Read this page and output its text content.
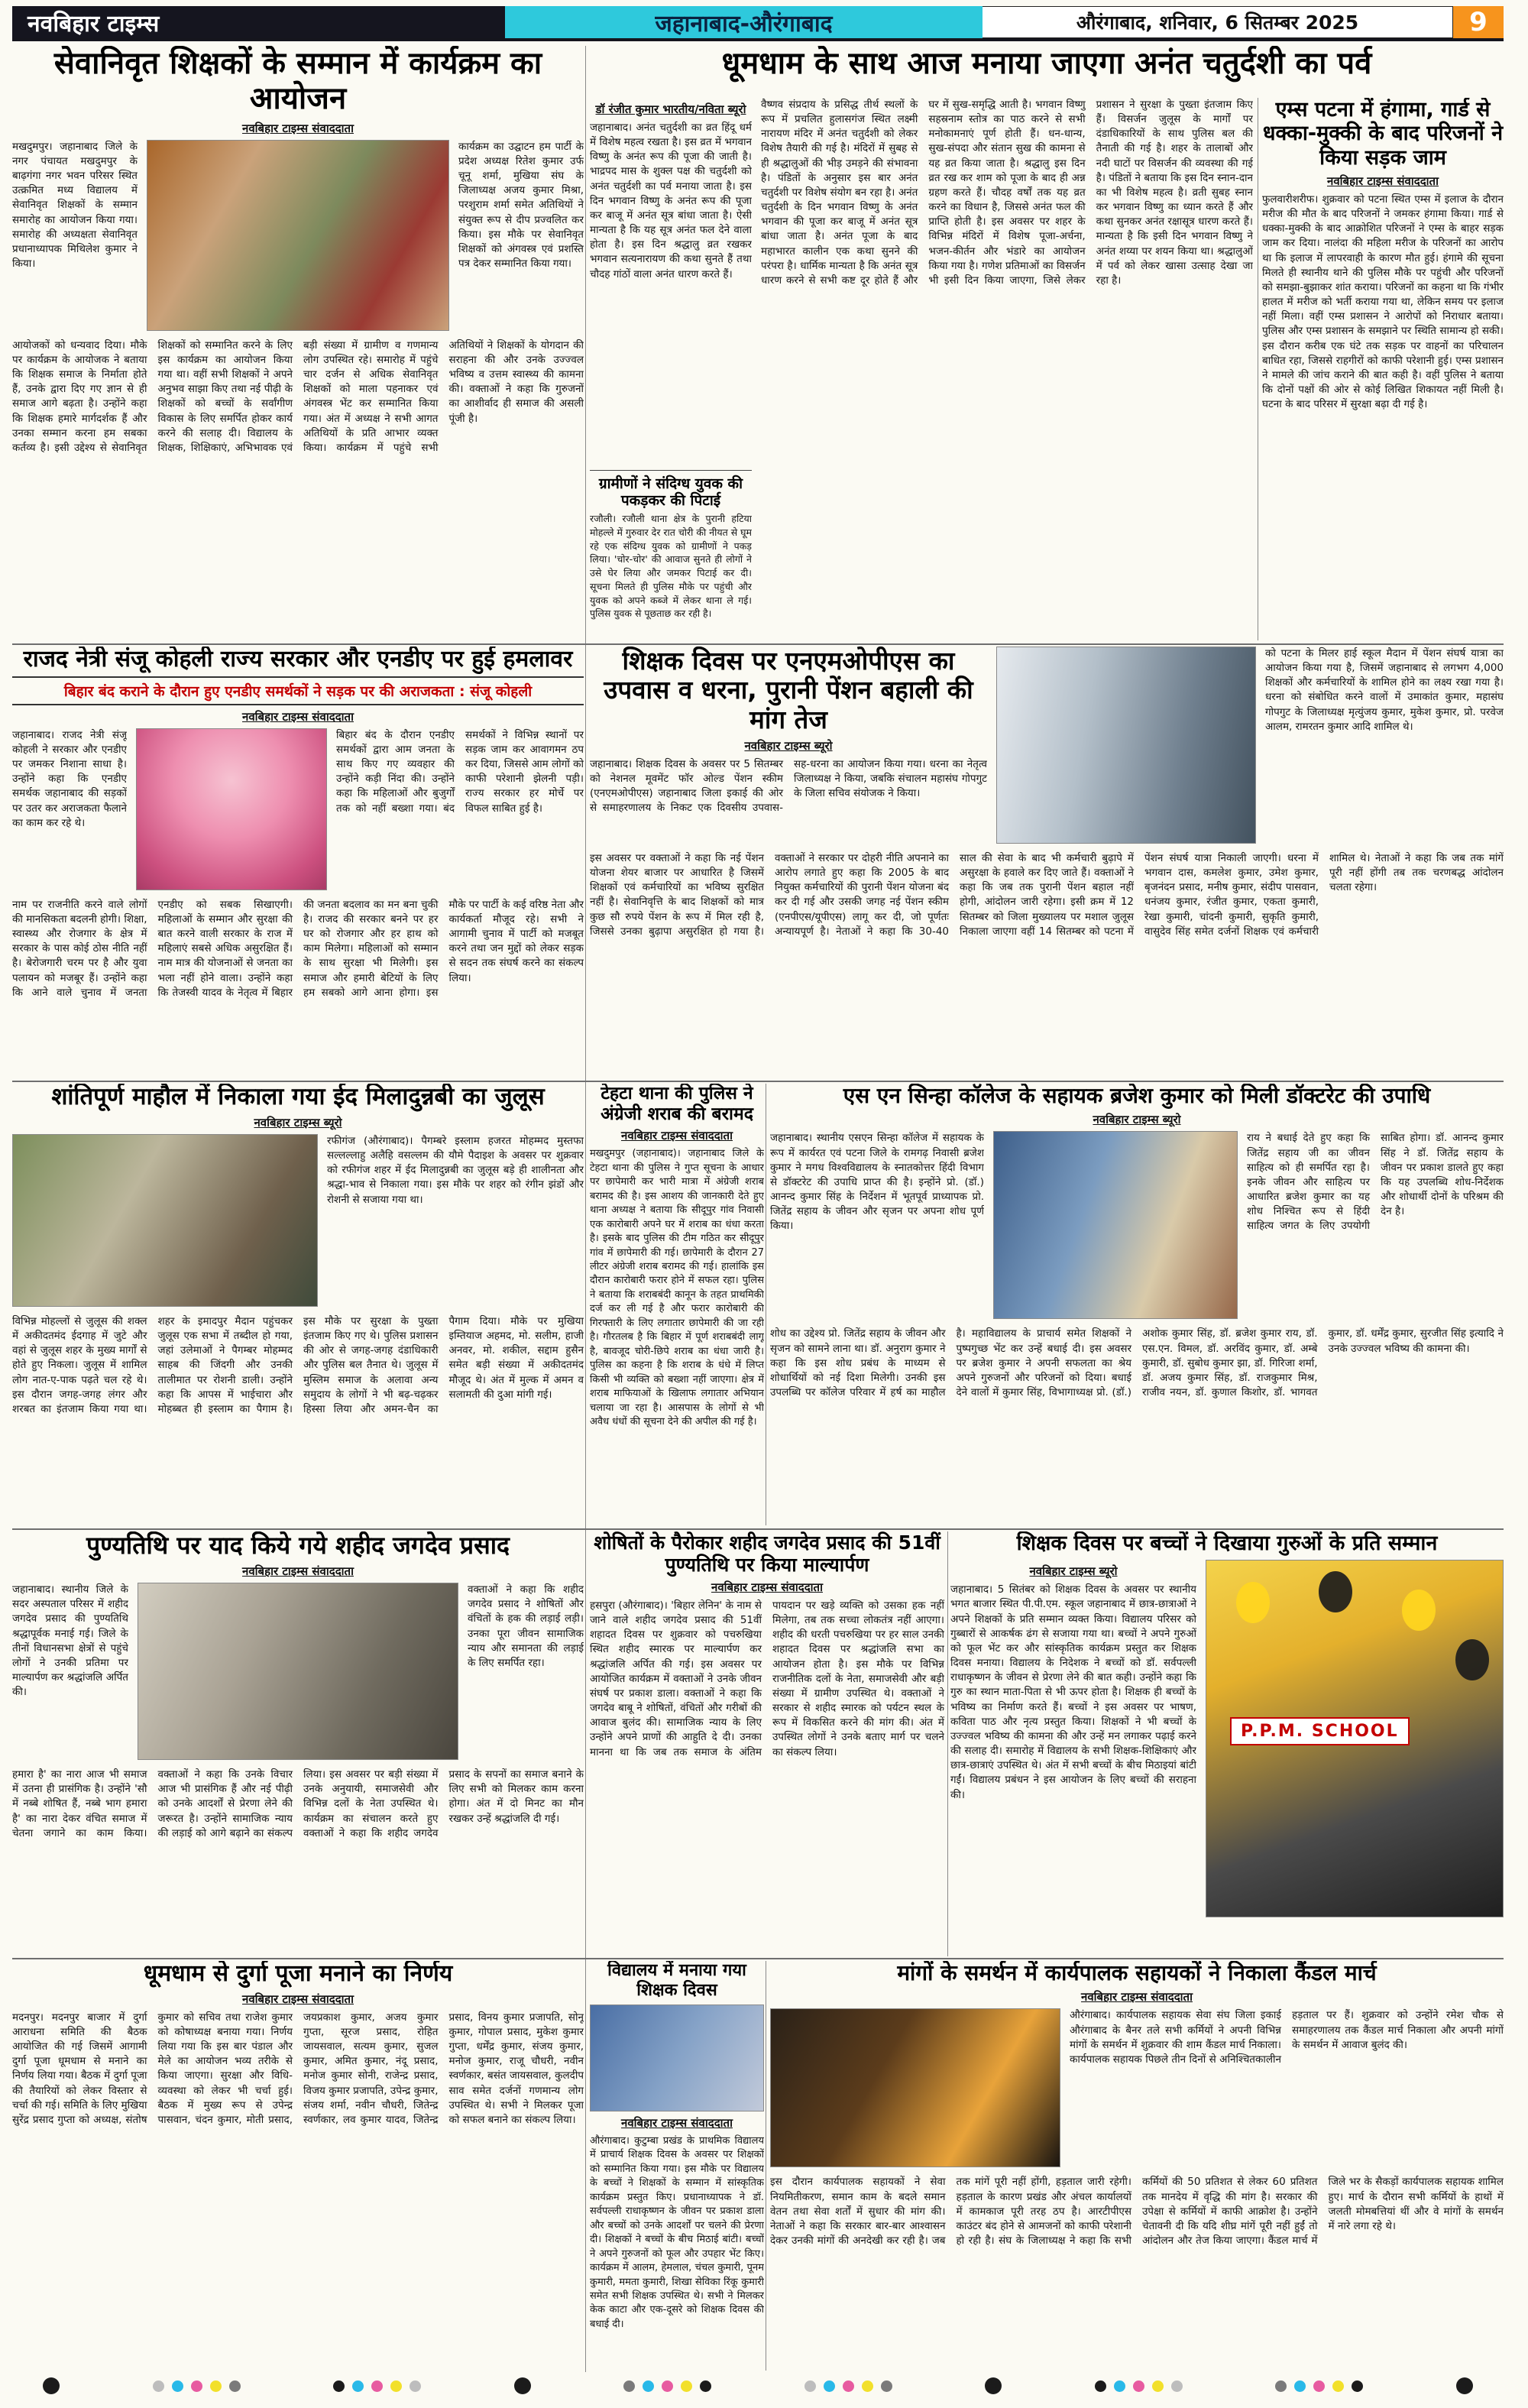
नवबिहार टाइम्स	जहानाबाद-औरंगाबाद	औरंगाबाद, शनिवार, 6 सितम्बर 2025	9
सेवानिवृत शिक्षकों के सम्मान में कार्यक्रम का आयोजन
नवबिहार टाइम्स संवाददाता
मखदुमपुर। जहानाबाद जिले के नगर पंचायत मखदुमपुर के बाढ़गंगा नगर भवन परिसर स्थित उत्क्रमित मध्य विद्यालय में सेवानिवृत शिक्षकों के सम्मान समारोह का आयोजन किया गया। समारोह की अध्यक्षता सेवानिवृत प्रधानाध्यापक मिथिलेश कुमार ने किया।
कार्यक्रम का उद्घाटन हम पार्टी के प्रदेश अध्यक्ष रितेश कुमार उर्फ चूनू शर्मा, मुखिया संघ के जिलाध्यक्ष अजय कुमार मिश्रा, परशुराम शर्मा समेत अतिथियों ने संयुक्त रूप से दीप प्रज्वलित कर किया। इस मौके पर सेवानिवृत शिक्षकों को अंगवस्त्र एवं प्रशस्ति पत्र देकर सम्मानित किया गया।
आयोजकों को धन्यवाद दिया। मौके पर कार्यक्रम के आयोजक ने बताया कि शिक्षक समाज के निर्माता होते हैं, उनके द्वारा दिए गए ज्ञान से ही समाज आगे बढ़ता है। उन्होंने कहा कि शिक्षक हमारे मार्गदर्शक हैं और उनका सम्मान करना हम सबका कर्तव्य है। इसी उद्देश्य से सेवानिवृत शिक्षकों को सम्मानित करने के लिए इस कार्यक्रम का आयोजन किया गया था। वहीं सभी शिक्षकों ने अपने अनुभव साझा किए तथा नई पीढ़ी के शिक्षकों को बच्चों के सर्वांगीण विकास के लिए समर्पित होकर कार्य करने की सलाह दी। विद्यालय के शिक्षक, शिक्षिकाएं, अभिभावक एवं बड़ी संख्या में ग्रामीण व गणमान्य लोग उपस्थित रहे। समारोह में पहुंचे चार दर्जन से अधिक सेवानिवृत शिक्षकों को माला पहनाकर एवं अंगवस्त्र भेंट कर सम्मानित किया गया। अंत में अध्यक्ष ने सभी आगत अतिथियों के प्रति आभार व्यक्त किया। कार्यक्रम में पहुंचे सभी अतिथियों ने शिक्षकों के योगदान की सराहना की और उनके उज्ज्वल भविष्य व उत्तम स्वास्थ्य की कामना की। वक्ताओं ने कहा कि गुरुजनों का आशीर्वाद ही समाज की असली पूंजी है।
धूमधाम के साथ आज मनाया जाएगा अनंत चतुर्दशी का पर्व
डॉ रंजीत कुमार भारतीय/नविता ब्यूरो
जहानाबाद। अनंत चतुर्दशी का व्रत हिंदू धर्म में विशेष महत्व रखता है। इस व्रत में भगवान विष्णु के अनंत रूप की पूजा की जाती है। भाद्रपद मास के शुक्ल पक्ष की चतुर्दशी को अनंत चतुर्दशी का पर्व मनाया जाता है। इस दिन भगवान विष्णु के अनंत रूप की पूजा कर बाजू में अनंत सूत्र बांधा जाता है। ऐसी मान्यता है कि यह सूत्र अनंत फल देने वाला होता है। इस दिन श्रद्धालु व्रत रखकर भगवान सत्यनारायण की कथा सुनते हैं तथा चौदह गांठों वाला अनंत धारण करते हैं।
ग्रामीणों ने संदिग्ध युवक की पकड़कर की पिटाई
रजौली। रजौली थाना क्षेत्र के पुरानी हटिया मोहल्ले में गुरुवार देर रात चोरी की नीयत से घूम रहे एक संदिग्ध युवक को ग्रामीणों ने पकड़ लिया। 'चोर-चोर' की आवाज सुनते ही लोगों ने उसे घेर लिया और जमकर पिटाई कर दी। सूचना मिलते ही पुलिस मौके पर पहुंची और युवक को अपने कब्जे में लेकर थाना ले गई। पुलिस युवक से पूछताछ कर रही है।
वैष्णव संप्रदाय के प्रसिद्ध तीर्थ स्थलों के रूप में प्रचलित हुलासगंज स्थित लक्ष्मी नारायण मंदिर में अनंत चतुर्दशी को लेकर विशेष तैयारी की गई है। मंदिरों में सुबह से ही श्रद्धालुओं की भीड़ उमड़ने की संभावना है। पंडितों के अनुसार इस बार अनंत चतुर्दशी पर विशेष संयोग बन रहा है। अनंत चतुर्दशी के दिन भगवान विष्णु के अनंत भगवान की पूजा कर बाजू में अनंत सूत्र बांधा जाता है। अनंत पूजा के बाद महाभारत कालीन एक कथा सुनने की परंपरा है। धार्मिक मान्यता है कि अनंत सूत्र धारण करने से सभी कष्ट दूर होते हैं और घर में सुख-समृद्धि आती है। भगवान विष्णु सहस्रनाम स्तोत्र का पाठ करने से सभी मनोकामनाएं पूर्ण होती हैं। धन-धान्य, सुख-संपदा और संतान सुख की कामना से यह व्रत किया जाता है। श्रद्धालु इस दिन व्रत रख कर शाम को पूजा के बाद ही अन्न ग्रहण करते हैं। चौदह वर्षों तक यह व्रत करने का विधान है, जिससे अनंत फल की प्राप्ति होती है। इस अवसर पर शहर के विभिन्न मंदिरों में विशेष पूजा-अर्चना, भजन-कीर्तन और भंडारे का आयोजन किया गया है। गणेश प्रतिमाओं का विसर्जन भी इसी दिन किया जाएगा, जिसे लेकर प्रशासन ने सुरक्षा के पुख्ता इंतजाम किए हैं। विसर्जन जुलूस के मार्गों पर दंडाधिकारियों के साथ पुलिस बल की तैनाती की गई है। शहर के तालाबों और नदी घाटों पर विसर्जन की व्यवस्था की गई है। पंडितों ने बताया कि इस दिन स्नान-दान का भी विशेष महत्व है। व्रती सुबह स्नान कर भगवान विष्णु का ध्यान करते हैं और कथा सुनकर अनंत रक्षासूत्र धारण करते हैं। मान्यता है कि इसी दिन भगवान विष्णु ने अनंत शय्या पर शयन किया था। श्रद्धालुओं में पर्व को लेकर खासा उत्साह देखा जा रहा है।
एम्स पटना में हंगामा, गार्ड से धक्का-मुक्की के बाद परिजनों ने किया सड़क जाम
नवबिहार टाइम्स संवाददाता
फुलवारीशरीफ। शुक्रवार को पटना स्थित एम्स में इलाज के दौरान मरीज की मौत के बाद परिजनों ने जमकर हंगामा किया। गार्ड से धक्का-मुक्की के बाद आक्रोशित परिजनों ने एम्स के बाहर सड़क जाम कर दिया। नालंदा की महिला मरीज के परिजनों का आरोप था कि इलाज में लापरवाही के कारण मौत हुई। हंगामे की सूचना मिलते ही स्थानीय थाने की पुलिस मौके पर पहुंची और परिजनों को समझा-बुझाकर शांत कराया। परिजनों का कहना था कि गंभीर हालत में मरीज को भर्ती कराया गया था, लेकिन समय पर इलाज नहीं मिला। वहीं एम्स प्रशासन ने आरोपों को निराधार बताया। पुलिस और एम्स प्रशासन के समझाने पर स्थिति सामान्य हो सकी। इस दौरान करीब एक घंटे तक सड़क पर वाहनों का परिचालन बाधित रहा, जिससे राहगीरों को काफी परेशानी हुई। एम्स प्रशासन ने मामले की जांच कराने की बात कही है। वहीं पुलिस ने बताया कि दोनों पक्षों की ओर से कोई लिखित शिकायत नहीं मिली है। घटना के बाद परिसर में सुरक्षा बढ़ा दी गई है।
राजद नेत्री संजू कोहली राज्य सरकार और एनडीए पर हुई हमलावर
बिहार बंद कराने के दौरान हुए एनडीए समर्थकों ने सड़क पर की अराजकता : संजू कोहली
नवबिहार टाइम्स संवाददाता
जहानाबाद। राजद नेत्री संजू कोहली ने सरकार और एनडीए पर जमकर निशाना साधा है। उन्होंने कहा कि एनडीए समर्थक जहानाबाद की सड़कों पर उतर कर अराजकता फैलाने का काम कर रहे थे।
बिहार बंद के दौरान एनडीए समर्थकों द्वारा आम जनता के साथ किए गए व्यवहार की उन्होंने कड़ी निंदा की। उन्होंने कहा कि महिलाओं और बुजुर्गों तक को नहीं बख्शा गया। बंद समर्थकों ने विभिन्न स्थानों पर सड़क जाम कर आवागमन ठप कर दिया, जिससे आम लोगों को काफी परेशानी झेलनी पड़ी। राज्य सरकार हर मोर्चे पर विफल साबित हुई है।
नाम पर राजनीति करने वाले लोगों की मानसिकता बदलनी होगी। शिक्षा, स्वास्थ्य और रोजगार के क्षेत्र में सरकार के पास कोई ठोस नीति नहीं है। बेरोजगारी चरम पर है और युवा पलायन को मजबूर हैं। उन्होंने कहा कि आने वाले चुनाव में जनता एनडीए को सबक सिखाएगी। महिलाओं के सम्मान और सुरक्षा की बात करने वाली सरकार के राज में महिलाएं सबसे अधिक असुरक्षित हैं। नाम मात्र की योजनाओं से जनता का भला नहीं होने वाला। उन्होंने कहा कि तेजस्वी यादव के नेतृत्व में बिहार की जनता बदलाव का मन बना चुकी है। राजद की सरकार बनने पर हर घर को रोजगार और हर हाथ को काम मिलेगा। महिलाओं को सम्मान के साथ सुरक्षा भी मिलेगी। इस समाज और हमारी बेटियों के लिए हम सबको आगे आना होगा। इस मौके पर पार्टी के कई वरिष्ठ नेता और कार्यकर्ता मौजूद रहे। सभी ने आगामी चुनाव में पार्टी को मजबूत करने तथा जन मुद्दों को लेकर सड़क से सदन तक संघर्ष करने का संकल्प लिया।
शिक्षक दिवस पर एनएमओपीएस का उपवास व धरना, पुरानी पेंशन बहाली की मांग तेज
नवबिहार टाइम्स ब्यूरो
जहानाबाद। शिक्षक दिवस के अवसर पर 5 सितम्बर को नेशनल मूवमेंट फॉर ओल्ड पेंशन स्कीम (एनएमओपीएस) जहानाबाद जिला इकाई की ओर से समाहरणालय के निकट एक दिवसीय उपवास-सह-धरना का आयोजन किया गया। धरना का नेतृत्व जिलाध्यक्ष ने किया, जबकि संचालन महासंघ गोपगुट के जिला सचिव संयोजक ने किया।
को पटना के मिलर हाई स्कूल मैदान में पेंशन संघर्ष यात्रा का आयोजन किया गया है, जिसमें जहानाबाद से लगभग 4,000 शिक्षकों और कर्मचारियों के शामिल होने का लक्ष्य रखा गया है। धरना को संबोधित करने वालों में उमाकांत कुमार, महासंघ गोपगुट के जिलाध्यक्ष मृत्युंजय कुमार, मुकेश कुमार, प्रो. परवेज आलम, रामरतन कुमार आदि शामिल थे।
इस अवसर पर वक्ताओं ने कहा कि नई पेंशन योजना शेयर बाजार पर आधारित है जिसमें शिक्षकों एवं कर्मचारियों का भविष्य सुरक्षित नहीं है। सेवानिवृत्ति के बाद शिक्षकों को मात्र कुछ सौ रुपये पेंशन के रूप में मिल रही है, जिससे उनका बुढ़ापा असुरक्षित हो गया है। वक्ताओं ने सरकार पर दोहरी नीति अपनाने का आरोप लगाते हुए कहा कि 2005 के बाद नियुक्त कर्मचारियों की पुरानी पेंशन योजना बंद कर दी गई और उसकी जगह नई पेंशन स्कीम (एनपीएस/यूपीएस) लागू कर दी, जो पूर्णतः अन्यायपूर्ण है। नेताओं ने कहा कि 30-40 साल की सेवा के बाद भी कर्मचारी बुढ़ापे में असुरक्षा के हवाले कर दिए जाते हैं। वक्ताओं ने कहा कि जब तक पुरानी पेंशन बहाल नहीं होगी, आंदोलन जारी रहेगा। इसी क्रम में 12 सितम्बर को जिला मुख्यालय पर मशाल जुलूस निकाला जाएगा वहीं 14 सितम्बर को पटना में पेंशन संघर्ष यात्रा निकाली जाएगी। धरना में भगवान दास, कमलेश कुमार, उमेश कुमार, बृजनंदन प्रसाद, मनीष कुमार, संदीप पासवान, धनंजय कुमार, रंजीत कुमार, एकता कुमारी, रेखा कुमारी, चांदनी कुमारी, सुकृति कुमारी, वासुदेव सिंह समेत दर्जनों शिक्षक एवं कर्मचारी शामिल थे। नेताओं ने कहा कि जब तक मांगें पूरी नहीं होंगी तब तक चरणबद्ध आंदोलन चलता रहेगा।
शांतिपूर्ण माहौल में निकाला गया ईद मिलादुन्नबी का जुलूस
नवबिहार टाइम्स ब्यूरो
रफीगंज (औरंगाबाद)। पैगम्बरे इस्लाम हजरत मोहम्मद मुस्तफा सल्लल्लाहु अलैहि वसल्लम की यौमे पैदाइश के अवसर पर शुक्रवार को रफीगंज शहर में ईद मिलादुन्नबी का जुलूस बड़े ही शालीनता और श्रद्धा-भाव से निकाला गया। इस मौके पर शहर को रंगीन झंडों और रोशनी से सजाया गया था।
विभिन्न मोहल्लों से जुलूस की शक्ल में अकीदतमंद ईदगाह में जुटे और वहां से जुलूस शहर के मुख्य मार्गों से होते हुए निकला। जुलूस में शामिल लोग नात-ए-पाक पढ़ते चल रहे थे। इस दौरान जगह-जगह लंगर और शरबत का इंतजाम किया गया था। शहर के इमादपुर मैदान पहुंचकर जुलूस एक सभा में तब्दील हो गया, जहां उलेमाओं ने पैगम्बर मोहम्मद साहब की जिंदगी और उनकी तालीमात पर रोशनी डाली। उन्होंने कहा कि आपस में भाईचारा और मोहब्बत ही इस्लाम का पैगाम है। इस मौके पर सुरक्षा के पुख्ता इंतजाम किए गए थे। पुलिस प्रशासन की ओर से जगह-जगह दंडाधिकारी और पुलिस बल तैनात थे। जुलूस में मुस्लिम समाज के अलावा अन्य समुदाय के लोगों ने भी बढ़-चढ़कर हिस्सा लिया और अमन-चैन का पैगाम दिया। मौके पर मुखिया इम्तियाज अहमद, मो. सलीम, हाजी अनवर, मो. शकील, सद्दाम हुसैन समेत बड़ी संख्या में अकीदतमंद मौजूद थे। अंत में मुल्क में अमन व सलामती की दुआ मांगी गई।
टेहटा थाना की पुलिस ने अंग्रेजी शराब की बरामद
नवबिहार टाइम्स संवाददाता
मखदुमपुर (जहानाबाद)। जहानाबाद जिले के टेहटा थाना की पुलिस ने गुप्त सूचना के आधार पर छापेमारी कर भारी मात्रा में अंग्रेजी शराब बरामद की है। इस आशय की जानकारी देते हुए थाना अध्यक्ष ने बताया कि सीदूपुर गांव निवासी एक कारोबारी अपने घर में शराब का धंधा करता है। इसके बाद पुलिस की टीम गठित कर सीदूपुर गांव में छापेमारी की गई। छापेमारी के दौरान 27 लीटर अंग्रेजी शराब बरामद की गई। हालांकि इस दौरान कारोबारी फरार होने में सफल रहा। पुलिस ने बताया कि शराबबंदी कानून के तहत प्राथमिकी दर्ज कर ली गई है और फरार कारोबारी की गिरफ्तारी के लिए लगातार छापेमारी की जा रही है। गौरतलब है कि बिहार में पूर्ण शराबबंदी लागू है, बावजूद चोरी-छिपे शराब का धंधा जारी है। पुलिस का कहना है कि शराब के धंधे में लिप्त किसी भी व्यक्ति को बख्शा नहीं जाएगा। क्षेत्र में शराब माफियाओं के खिलाफ लगातार अभियान चलाया जा रहा है। आसपास के लोगों से भी अवैध धंधों की सूचना देने की अपील की गई है।
एस एन सिन्हा कॉलेज के सहायक ब्रजेश कुमार को मिली डॉक्टरेट की उपाधि
नवबिहार टाइम्स ब्यूरो
जहानाबाद। स्थानीय एसएन सिन्हा कॉलेज में सहायक के रूप में कार्यरत एवं पटना जिले के रामगढ़ निवासी ब्रजेश कुमार ने मगध विश्वविद्यालय के स्नातकोत्तर हिंदी विभाग से डॉक्टरेट की उपाधि प्राप्त की है। इन्होंने प्रो. (डॉ.) आनन्द कुमार सिंह के निर्देशन में भूतपूर्व प्राध्यापक प्रो. जितेंद्र सहाय के जीवन और सृजन पर अपना शोध पूर्ण किया।
राय ने बधाई देते हुए कहा कि जितेंद्र सहाय जी का जीवन साहित्य को ही समर्पित रहा है। इनके जीवन और साहित्य पर आधारित ब्रजेश कुमार का यह शोध निश्चित रूप से हिंदी साहित्य जगत के लिए उपयोगी साबित होगा। डॉ. आनन्द कुमार सिंह ने डॉ. जितेंद्र सहाय के जीवन पर प्रकाश डालते हुए कहा कि यह उपलब्धि शोध-निर्देशक और शोधार्थी दोनों के परिश्रम की देन है।
शोध का उद्देश्य प्रो. जितेंद्र सहाय के जीवन और सृजन को सामने लाना था। डॉ. अनुराग कुमार ने कहा कि इस शोध प्रबंध के माध्यम से शोधार्थियों को नई दिशा मिलेगी। उनकी इस उपलब्धि पर कॉलेज परिवार में हर्ष का माहौल है। महाविद्यालय के प्राचार्य समेत शिक्षकों ने पुष्पगुच्छ भेंट कर उन्हें बधाई दी। इस अवसर पर ब्रजेश कुमार ने अपनी सफलता का श्रेय अपने गुरुजनों और परिजनों को दिया। बधाई देने वालों में कुमार सिंह, विभागाध्यक्ष प्रो. (डॉ.) अशोक कुमार सिंह, डॉ. ब्रजेश कुमार राय, डॉ. एस.एन. विमल, डॉ. अरविंद कुमार, डॉ. अम्बे कुमारी, डॉ. सुबोध कुमार झा, डॉ. गिरिजा शर्मा, डॉ. अजय कुमार सिंह, डॉ. राजकुमार मिश्र, राजीव नयन, डॉ. कुणाल किशोर, डॉ. भागवत कुमार, डॉ. धर्मेंद्र कुमार, सुरजीत सिंह इत्यादि ने उनके उज्ज्वल भविष्य की कामना की।
पुण्यतिथि पर याद किये गये शहीद जगदेव प्रसाद
नवबिहार टाइम्स संवाददाता
जहानाबाद। स्थानीय जिले के सदर अस्पताल परिसर में शहीद जगदेव प्रसाद की पुण्यतिथि श्रद्धापूर्वक मनाई गई। जिले के तीनों विधानसभा क्षेत्रों से पहुंचे लोगों ने उनकी प्रतिमा पर माल्यार्पण कर श्रद्धांजलि अर्पित की।
वक्ताओं ने कहा कि शहीद जगदेव प्रसाद ने शोषितों और वंचितों के हक की लड़ाई लड़ी। उनका पूरा जीवन सामाजिक न्याय और समानता की लड़ाई के लिए समर्पित रहा।
हमारा है' का नारा आज भी समाज में उतना ही प्रासंगिक है। उन्होंने 'सौ में नब्बे शोषित हैं, नब्बे भाग हमारा है' का नारा देकर वंचित समाज में चेतना जगाने का काम किया। वक्ताओं ने कहा कि उनके विचार आज भी प्रासंगिक हैं और नई पीढ़ी को उनके आदर्शों से प्रेरणा लेने की जरूरत है। उन्होंने सामाजिक न्याय की लड़ाई को आगे बढ़ाने का संकल्प लिया। इस अवसर पर बड़ी संख्या में उनके अनुयायी, समाजसेवी और विभिन्न दलों के नेता उपस्थित थे। कार्यक्रम का संचालन करते हुए वक्ताओं ने कहा कि शहीद जगदेव प्रसाद के सपनों का समाज बनाने के लिए सभी को मिलकर काम करना होगा। अंत में दो मिनट का मौन रखकर उन्हें श्रद्धांजलि दी गई।
शोषितों के पैरोकार शहीद जगदेव प्रसाद की 51वीं पुण्यतिथि पर किया माल्यार्पण
नवबिहार टाइम्स संवाददाता
हसपुरा (औरंगाबाद)। 'बिहार लेनिन' के नाम से जाने वाले शहीद जगदेव प्रसाद की 51वीं शहादत दिवस पर शुक्रवार को पचरुखिया स्थित शहीद स्मारक पर माल्यार्पण कर श्रद्धांजलि अर्पित की गई। इस अवसर पर आयोजित कार्यक्रम में वक्ताओं ने उनके जीवन संघर्ष पर प्रकाश डाला। वक्ताओं ने कहा कि जगदेव बाबू ने शोषितों, वंचितों और गरीबों की आवाज बुलंद की। सामाजिक न्याय के लिए उन्होंने अपने प्राणों की आहुति दे दी। उनका मानना था कि जब तक समाज के अंतिम पायदान पर खड़े व्यक्ति को उसका हक नहीं मिलेगा, तब तक सच्चा लोकतंत्र नहीं आएगा। शहीद की धरती पचरुखिया पर हर साल उनकी शहादत दिवस पर श्रद्धांजलि सभा का आयोजन होता है। इस मौके पर विभिन्न राजनीतिक दलों के नेता, समाजसेवी और बड़ी संख्या में ग्रामीण उपस्थित थे। वक्ताओं ने सरकार से शहीद स्मारक को पर्यटन स्थल के रूप में विकसित करने की मांग की। अंत में उपस्थित लोगों ने उनके बताए मार्ग पर चलने का संकल्प लिया।
शिक्षक दिवस पर बच्चों ने दिखाया गुरुओं के प्रति सम्मान
नवबिहार टाइम्स ब्यूरो
जहानाबाद। 5 सितंबर को शिक्षक दिवस के अवसर पर स्थानीय भगत बाजार स्थित पी.पी.एम. स्कूल जहानाबाद में छात्र-छात्राओं ने अपने शिक्षकों के प्रति सम्मान व्यक्त किया। विद्यालय परिसर को गुब्बारों से आकर्षक ढंग से सजाया गया था। बच्चों ने अपने गुरुओं को फूल भेंट कर और सांस्कृतिक कार्यक्रम प्रस्तुत कर शिक्षक दिवस मनाया। विद्यालय के निदेशक ने बच्चों को डॉ. सर्वपल्ली राधाकृष्णन के जीवन से प्रेरणा लेने की बात कही। उन्होंने कहा कि गुरु का स्थान माता-पिता से भी ऊपर होता है। शिक्षक ही बच्चों के भविष्य का निर्माण करते हैं। बच्चों ने इस अवसर पर भाषण, कविता पाठ और नृत्य प्रस्तुत किया। शिक्षकों ने भी बच्चों के उज्ज्वल भविष्य की कामना की और उन्हें मन लगाकर पढ़ाई करने की सलाह दी। समारोह में विद्यालय के सभी शिक्षक-शिक्षिकाएं और छात्र-छात्राएं उपस्थित थे। अंत में सभी बच्चों के बीच मिठाइयां बांटी गईं। विद्यालय प्रबंधन ने इस आयोजन के लिए बच्चों की सराहना की।
P.P.M. SCHOOL
धूमधाम से दुर्गा पूजा मनाने का निर्णय
नवबिहार टाइम्स संवाददाता
मदनपुर। मदनपुर बाजार में दुर्गा आराधना समिति की बैठक आयोजित की गई जिसमें आगामी दुर्गा पूजा धूमधाम से मनाने का निर्णय लिया गया। बैठक में दुर्गा पूजा की तैयारियों को लेकर विस्तार से चर्चा की गई। समिति के लिए मुखिया सुरेंद्र प्रसाद गुप्ता को अध्यक्ष, संतोष कुमार को सचिव तथा राजेश कुमार को कोषाध्यक्ष बनाया गया। निर्णय लिया गया कि इस बार पंडाल और मेले का आयोजन भव्य तरीके से किया जाएगा। सुरक्षा और विधि-व्यवस्था को लेकर भी चर्चा हुई। बैठक में मुख्य रूप से उपेन्द्र पासवान, चंदन कुमार, मोती प्रसाद, जयप्रकाश कुमार, अजय कुमार गुप्ता, सूरज प्रसाद, रोहित जायसवाल, सत्यम कुमार, सुजल कुमार, अमित कुमार, नंदू प्रसाद, मनोज कुमार सोनी, राजेन्द्र प्रसाद, विजय कुमार प्रजापति, उपेन्द्र कुमार, संजय शर्मा, नवीन चौधरी, जितेन्द्र स्वर्णकार, लव कुमार यादव, जितेन्द्र प्रसाद, विनय कुमार प्रजापति, सोनू कुमार, गोपाल प्रसाद, मुकेश कुमार गुप्ता, धर्मेंद्र कुमार, संजय कुमार, मनोज कुमार, राजू चौधरी, नवीन स्वर्णकार, बसंत जायसवाल, कुलदीप साव समेत दर्जनों गणमान्य लोग उपस्थित थे। सभी ने मिलकर पूजा को सफल बनाने का संकल्प लिया।
विद्यालय में मनाया गया शिक्षक दिवस
नवबिहार टाइम्स संवाददाता
औरंगाबाद। कुटुम्बा प्रखंड के प्राथमिक विद्यालय में प्राचार्य शिक्षक दिवस के अवसर पर शिक्षकों को सम्मानित किया गया। इस मौके पर विद्यालय के बच्चों ने शिक्षकों के सम्मान में सांस्कृतिक कार्यक्रम प्रस्तुत किए। प्रधानाध्यापक ने डॉ. सर्वपल्ली राधाकृष्णन के जीवन पर प्रकाश डाला और बच्चों को उनके आदर्शों पर चलने की प्रेरणा दी। शिक्षकों ने बच्चों के बीच मिठाई बांटी। बच्चों ने अपने गुरुजनों को फूल और उपहार भेंट किए। कार्यक्रम में आलम, हेमलाल, चंचल कुमारी, पूनम कुमारी, ममता कुमारी, शिखा सेविका रिंकू कुमारी समेत सभी शिक्षक उपस्थित थे। सभी ने मिलकर केक काटा और एक-दूसरे को शिक्षक दिवस की बधाई दी।
मांगों के समर्थन में कार्यपालक सहायकों ने निकाला कैंडल मार्च
नवबिहार टाइम्स संवाददाता
औरंगाबाद। कार्यपालक सहायक सेवा संघ जिला इकाई औरंगाबाद के बैनर तले सभी कर्मियों ने अपनी विभिन्न मांगों के समर्थन में शुक्रवार की शाम कैंडल मार्च निकाला। कार्यपालक सहायक पिछले तीन दिनों से अनिश्चितकालीन हड़ताल पर हैं। शुक्रवार को उन्होंने रमेश चौक से समाहरणालय तक कैंडल मार्च निकाला और अपनी मांगों के समर्थन में आवाज बुलंद की।
इस दौरान कार्यपालक सहायकों ने सेवा नियमितीकरण, समान काम के बदले समान वेतन तथा सेवा शर्तों में सुधार की मांग की। नेताओं ने कहा कि सरकार बार-बार आश्वासन देकर उनकी मांगों की अनदेखी कर रही है। जब तक मांगें पूरी नहीं होंगी, हड़ताल जारी रहेगी। हड़ताल के कारण प्रखंड और अंचल कार्यालयों में कामकाज पूरी तरह ठप है। आरटीपीएस काउंटर बंद होने से आमजनों को काफी परेशानी हो रही है। संघ के जिलाध्यक्ष ने कहा कि सभी कर्मियों की 50 प्रतिशत से लेकर 60 प्रतिशत तक मानदेय में वृद्धि की मांग है। सरकार की उपेक्षा से कर्मियों में काफी आक्रोश है। उन्होंने चेतावनी दी कि यदि शीघ्र मांगें पूरी नहीं हुईं तो आंदोलन और तेज किया जाएगा। कैंडल मार्च में जिले भर के सैकड़ों कार्यपालक सहायक शामिल हुए। मार्च के दौरान सभी कर्मियों के हाथों में जलती मोमबत्तियां थीं और वे मांगों के समर्थन में नारे लगा रहे थे।
